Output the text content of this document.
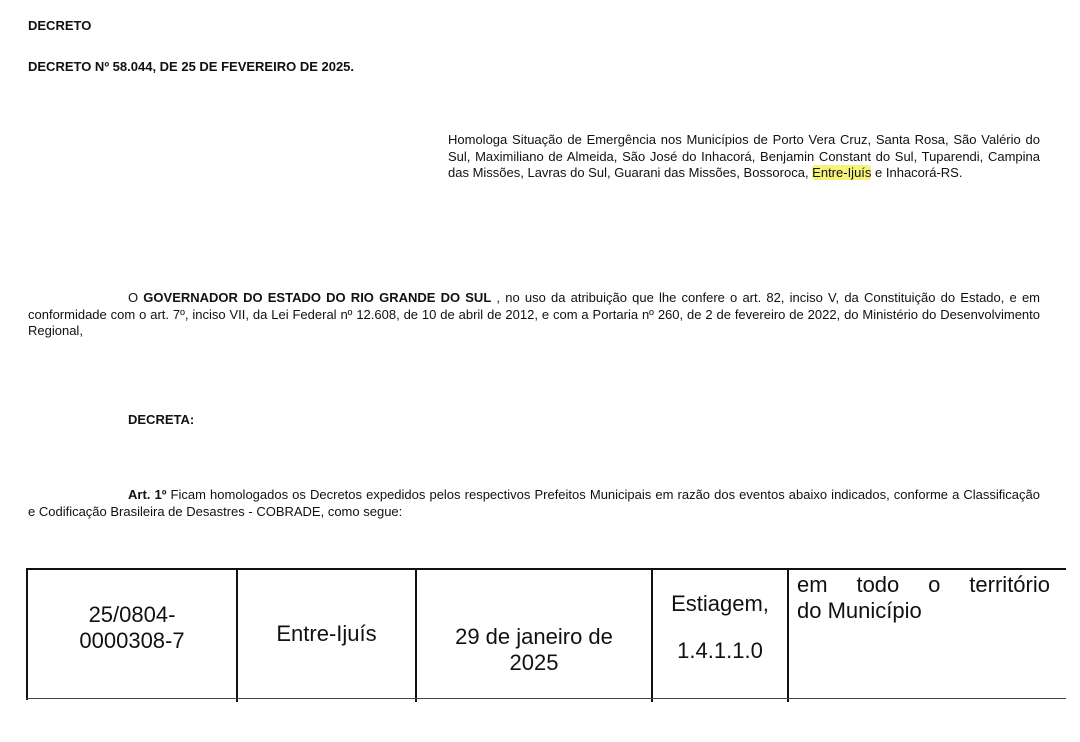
DECRETO
DECRETO Nº 58.044, DE 25 DE FEVEREIRO DE 2025.
Homologa Situação de Emergência nos Municípios de Porto Vera Cruz, Santa Rosa, São Valério do Sul, Maximiliano de Almeida, São José do Inhacorá, Benjamin Constant do Sul, Tuparendi, Campina das Missões, Lavras do Sul, Guarani das Missões, Bossoroca, Entre-Ijuís e Inhacorá-RS.
O GOVERNADOR DO ESTADO DO RIO GRANDE DO SUL , no uso da atribuição que lhe confere o art. 82, inciso V, da Constituição do Estado, e em conformidade com o art. 7º, inciso VII, da Lei Federal nº 12.608, de 10 de abril de 2012, e com a Portaria nº 260, de 2 de fevereiro de 2022, do Ministério do Desenvolvimento Regional,
DECRETA:
Art. 1º Ficam homologados os Decretos expedidos pelos respectivos Prefeitos Municipais em razão dos eventos abaixo indicados, conforme a Classificação e Codificação Brasileira de Desastres - COBRADE, como segue:
25/0804-
0000308-7	Entre-Ijuís	29 de janeiro de
2025
Estiagem,
1.4.1.1.0
em todo o território
do Município
